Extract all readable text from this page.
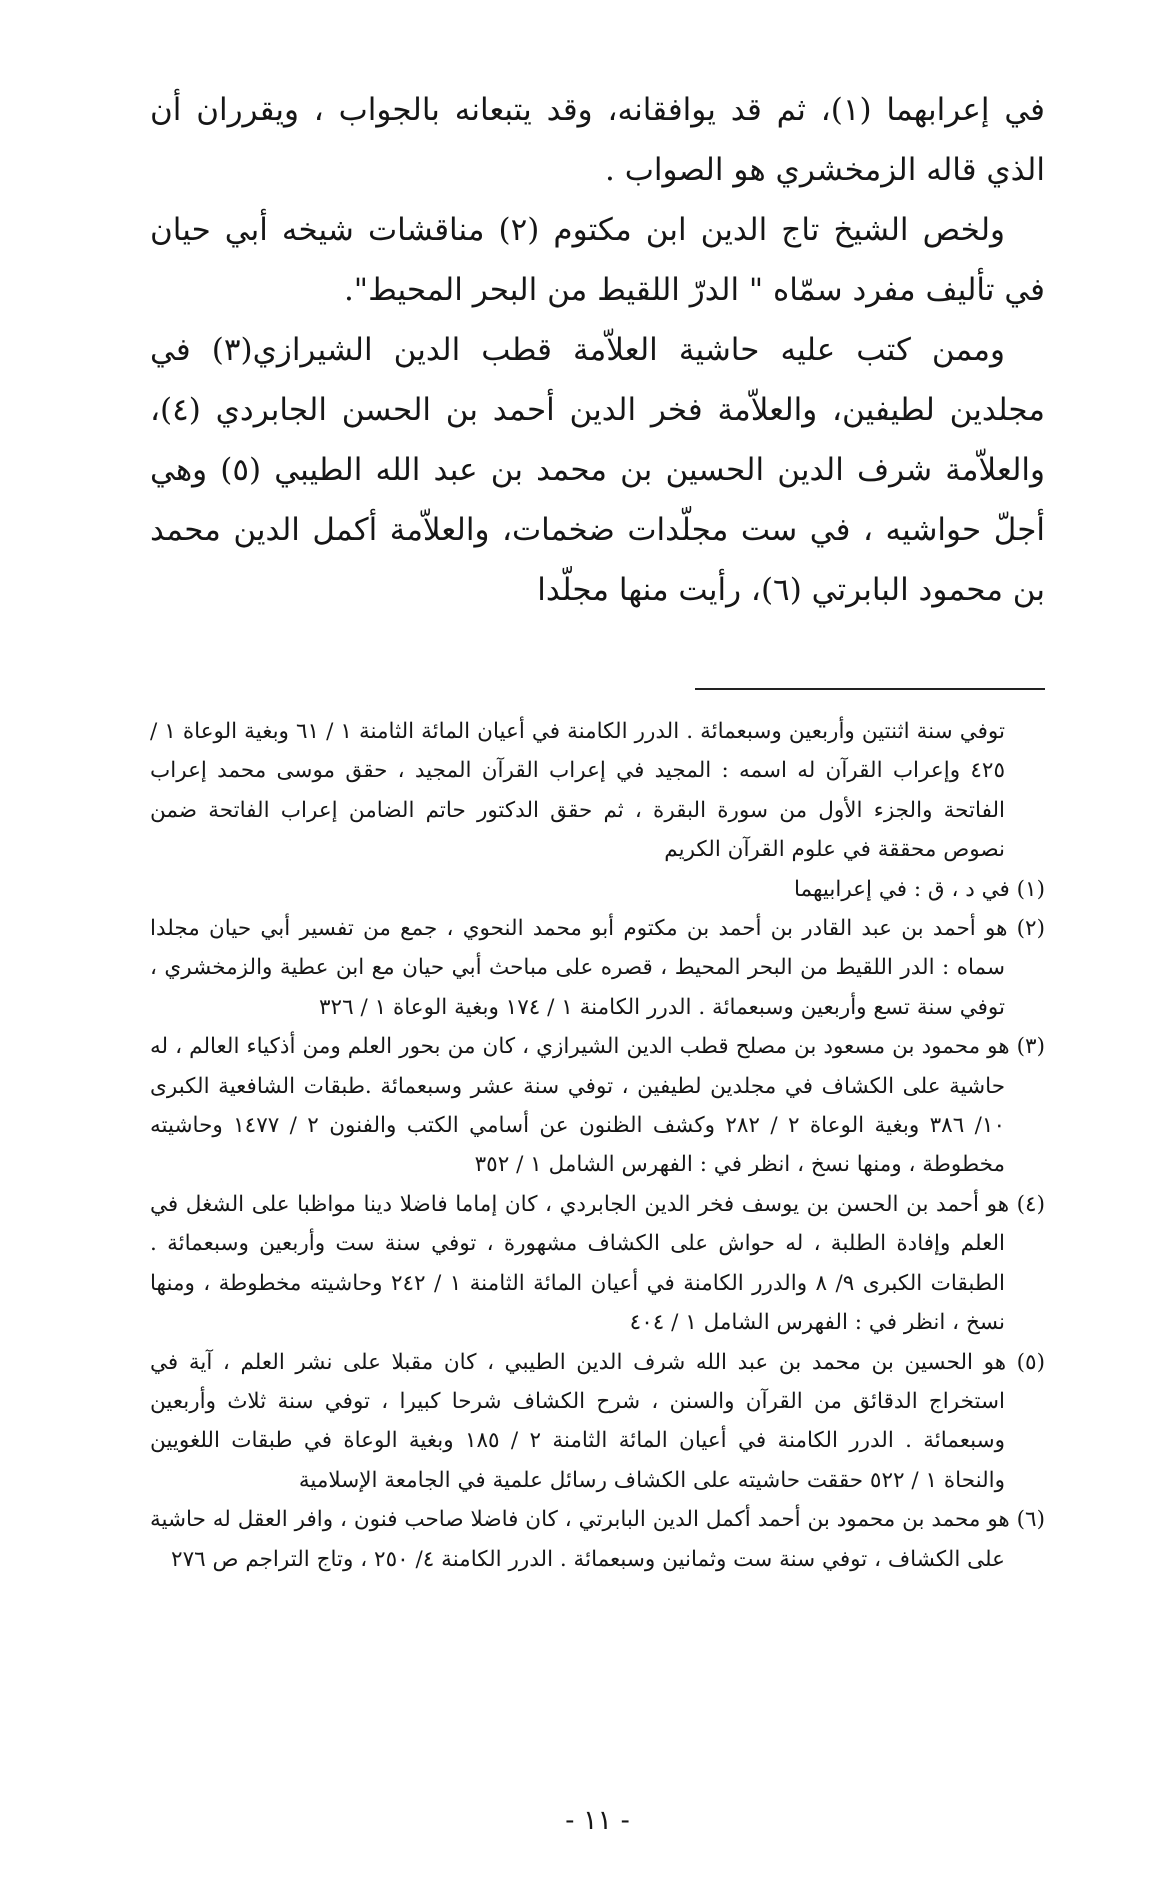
في إعرابهما (١)، ثم قد يوافقانه، وقد يتبعانه بالجواب ، ويقرران أن الذي قاله الزمخشري هو الصواب .

ولخص الشيخ تاج الدين ابن مكتوم (٢) مناقشات شيخه أبي حيان في تأليف مفرد سمّاه " الدرّ اللقيط من البحر المحيط".

وممن كتب عليه حاشية العلاّمة قطب الدين الشيرازي(٣) في مجلدين لطيفين، والعلاّمة فخر الدين أحمد بن الحسن الجابردي (٤)، والعلاّمة شرف الدين الحسين بن محمد بن عبد الله الطيبي (٥) وهي أجلّ حواشيه ، في ست مجلّدات ضخمات، والعلاّمة أكمل الدين محمد بن محمود البابرتي (٦)، رأيت منها مجلّدا

توفي سنة اثنتين وأربعين وسبعمائة . الدرر الكامنة في أعيان المائة الثامنة ١ / ٦١ وبغية الوعاة ١ / ٤٢٥ وإعراب القرآن له اسمه : المجيد في إعراب القرآن المجيد ، حقق موسى محمد إعراب الفاتحة والجزء الأول من سورة البقرة ، ثم حقق الدكتور حاتم الضامن إعراب الفاتحة ضمن نصوص محققة في علوم القرآن الكريم

(١) في د ، ق : في إعرابيهما

(٢) هو أحمد بن عبد القادر بن أحمد بن مكتوم أبو محمد النحوي ، جمع من تفسير أبي حيان مجلدا سماه : الدر اللقيط من البحر المحيط ، قصره على مباحث أبي حيان مع ابن عطية والزمخشري ، توفي سنة تسع وأربعين وسبعمائة . الدرر الكامنة ١ / ١٧٤ وبغية الوعاة ١ / ٣٢٦

(٣) هو محمود بن مسعود بن مصلح قطب الدين الشيرازي ، كان من بحور العلم ومن أذكياء العالم ، له حاشية على الكشاف في مجلدين لطيفين ، توفي سنة عشر وسبعمائة .طبقات الشافعية الكبرى ١٠/ ٣٨٦ وبغية الوعاة ٢ / ٢٨٢ وكشف الظنون عن أسامي الكتب والفنون ٢ / ١٤٧٧ وحاشيته مخطوطة ، ومنها نسخ ، انظر في : الفهرس الشامل ١ / ٣٥٢

(٤) هو أحمد بن الحسن بن يوسف فخر الدين الجابردي ، كان إماما فاضلا دينا مواظبا على الشغل في العلم وإفادة الطلبة ، له حواش على الكشاف مشهورة ، توفي سنة ست وأربعين وسبعمائة . الطبقات الكبرى ٩/ ٨ والدرر الكامنة في أعيان المائة الثامنة ١ / ٢٤٢ وحاشيته مخطوطة ، ومنها نسخ ، انظر في : الفهرس الشامل ١ / ٤٠٤

(٥) هو الحسين بن محمد بن عبد الله شرف الدين الطيبي ، كان مقبلا على نشر العلم ، آية في استخراج الدقائق من القرآن والسنن ، شرح الكشاف شرحا كبيرا ، توفي سنة ثلاث وأربعين وسبعمائة . الدرر الكامنة في أعيان المائة الثامنة ٢ / ١٨٥ وبغية الوعاة في طبقات اللغويين والنحاة ١ / ٥٢٢ حققت حاشيته على الكشاف رسائل علمية في الجامعة الإسلامية

(٦) هو محمد بن محمود بن أحمد أكمل الدين البابرتي ، كان فاضلا صاحب فنون ، وافر العقل له حاشية على الكشاف ، توفي سنة ست وثمانين وسبعمائة . الدرر الكامنة ٤/ ٢٥٠ ، وتاج التراجم ص ٢٧٦

- ١١ -
